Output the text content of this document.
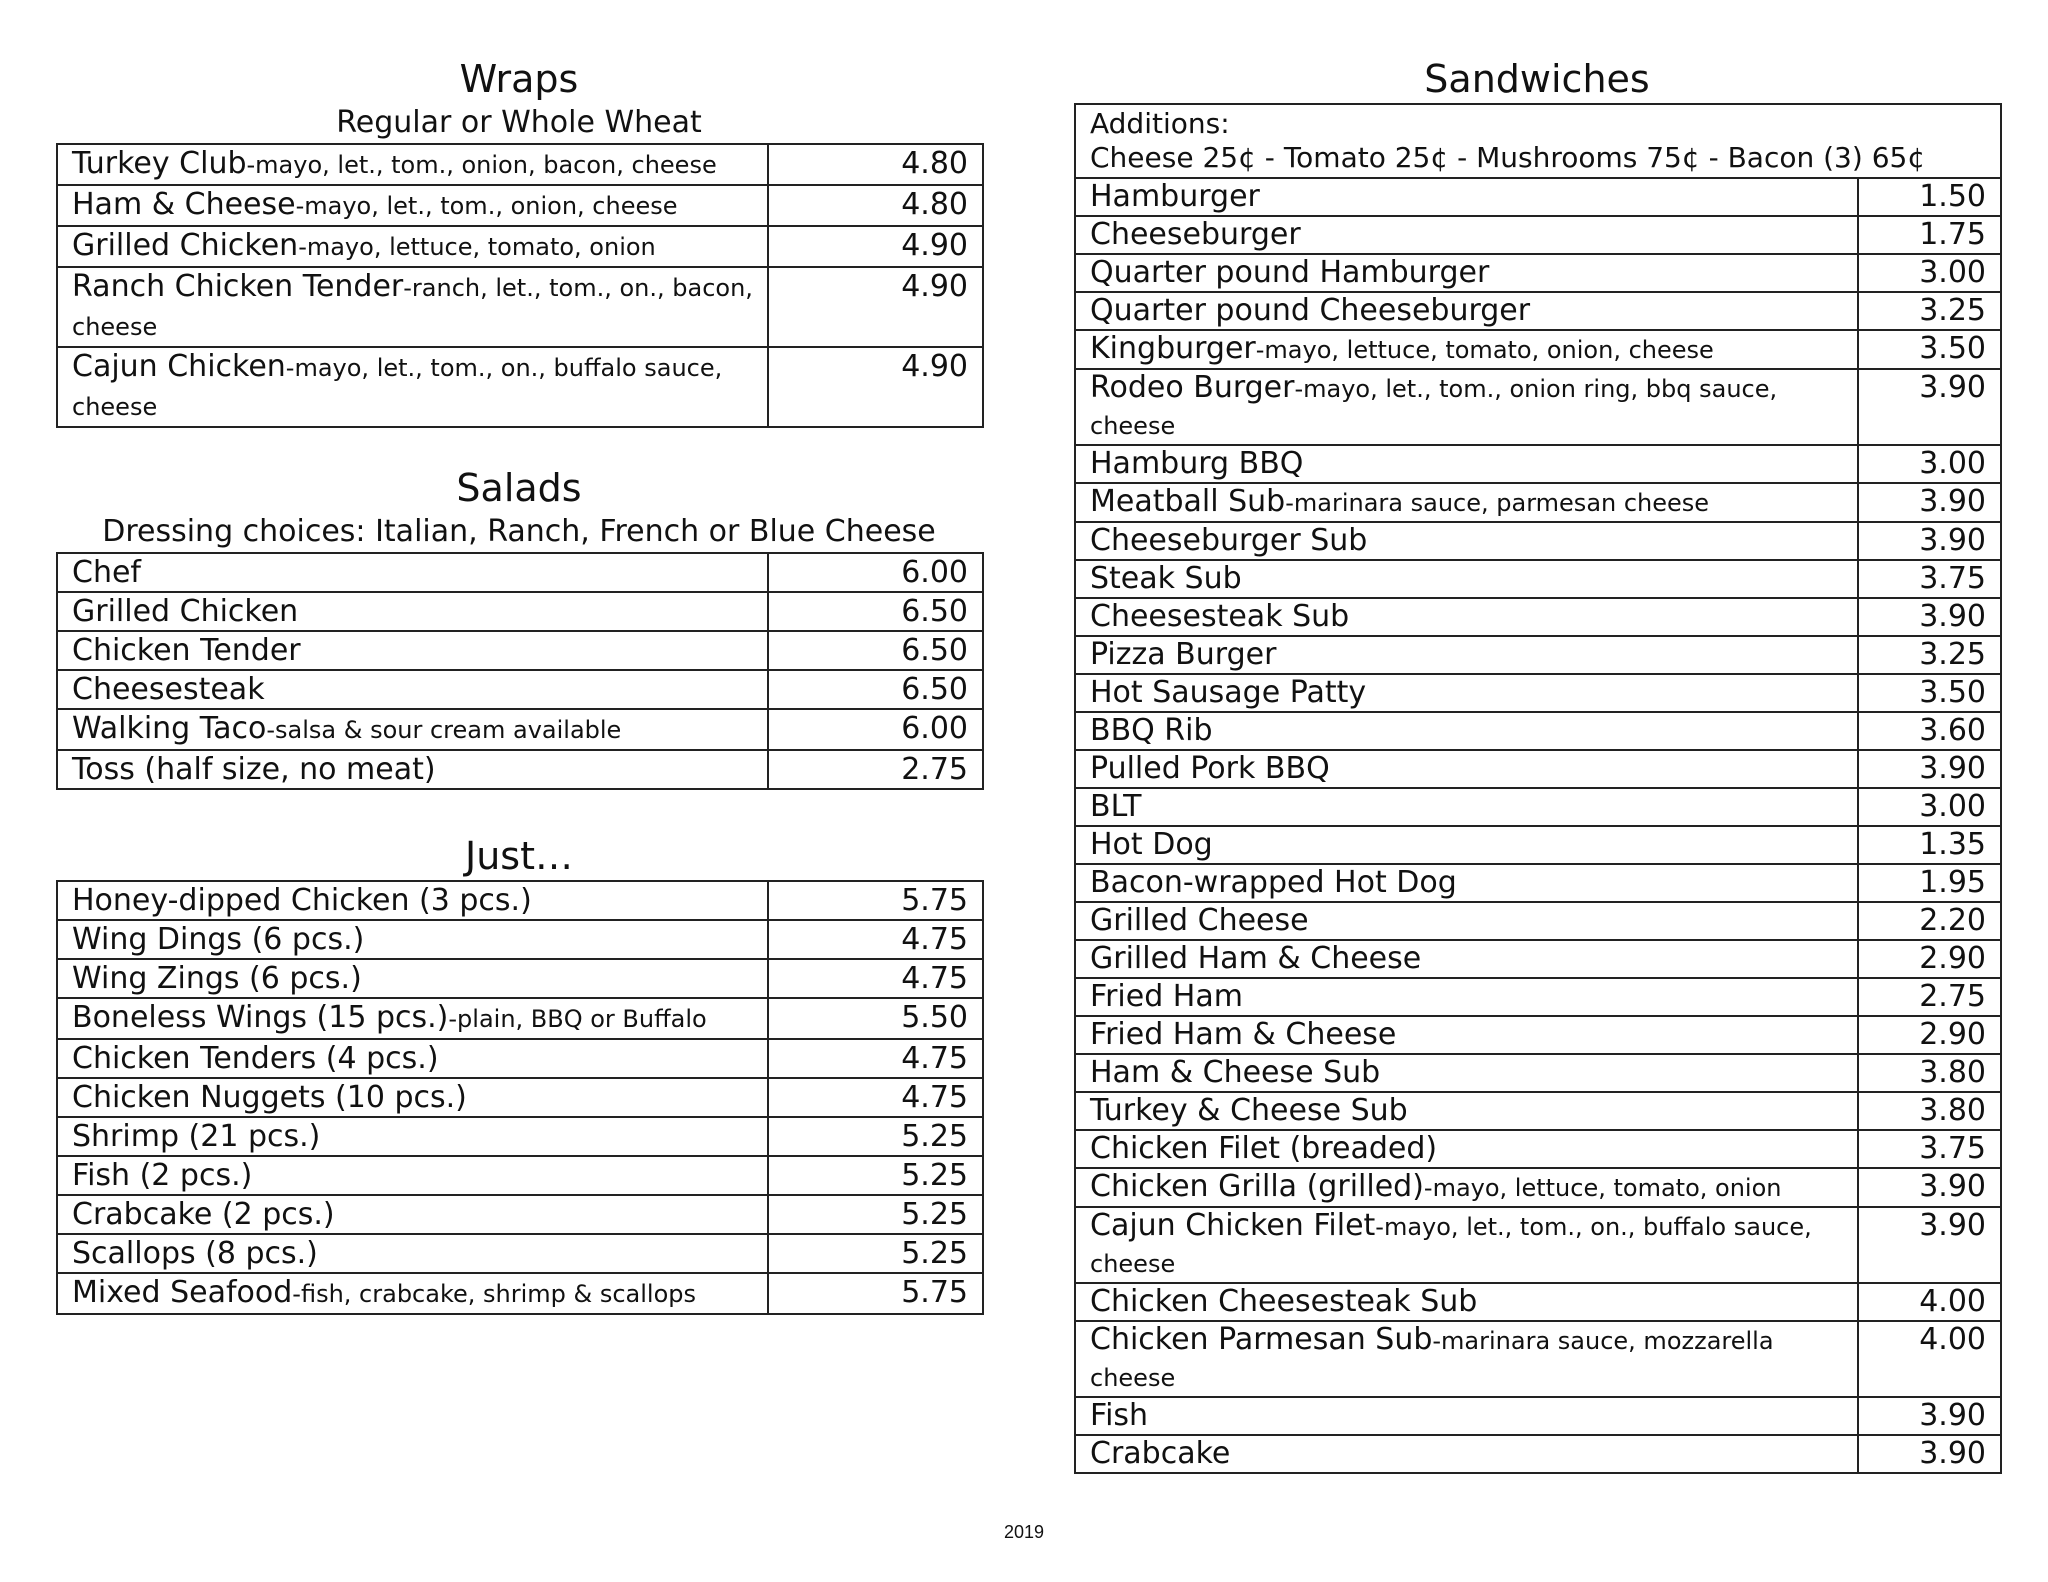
Wraps

Regular or Whole Wheat

Turkey Club-mayo, let., tom., onion, bacon, cheese	4.80
Ham & Cheese-mayo, let., tom., onion, cheese	4.80
Grilled Chicken-mayo, lettuce, tomato, onion	4.90
Ranch Chicken Tender-ranch, let., tom., on., bacon, cheese	4.90
Cajun Chicken-mayo, let., tom., on., buffalo sauce, cheese	4.90
Salads

Dressing choices: Italian, Ranch, French or Blue Cheese

Chef	6.00
Grilled Chicken	6.50
Chicken Tender	6.50
Cheesesteak	6.50
Walking Taco-salsa & sour cream available	6.00
Toss (half size, no meat)	2.75
Just…
Honey-dipped Chicken (3 pcs.)	5.75
Wing Dings (6 pcs.)	4.75
Wing Zings (6 pcs.)	4.75
Boneless Wings (15 pcs.)-plain, BBQ or Buffalo	5.50
Chicken Tenders (4 pcs.)	4.75
Chicken Nuggets (10 pcs.)	4.75
Shrimp (21 pcs.)	5.25
Fish (2 pcs.)	5.25
Crabcake (2 pcs.)	5.25
Scallops (8 pcs.)	5.25
Mixed Seafood-fish, crabcake, shrimp & scallops	5.75
Sandwiches
Additions:
Cheese 25¢ - Tomato 25¢ - Mushrooms 75¢ - Bacon (3) 65¢	

Hamburger	1.50
Cheeseburger	1.75
Quarter pound Hamburger	3.00
Quarter pound Cheeseburger	3.25
Kingburger-mayo, lettuce, tomato, onion, cheese	3.50
Rodeo Burger-mayo, let., tom., onion ring, bbq sauce, cheese	3.90
Hamburg BBQ	3.00
Meatball Sub-marinara sauce, parmesan cheese	3.90
Cheeseburger Sub	3.90
Steak Sub	3.75
Cheesesteak Sub	3.90
Pizza Burger	3.25
Hot Sausage Patty	3.50
BBQ Rib	3.60
Pulled Pork BBQ	3.90
BLT	3.00
Hot Dog	1.35
Bacon-wrapped Hot Dog	1.95
Grilled Cheese	2.20
Grilled Ham & Cheese	2.90
Fried Ham	2.75
Fried Ham & Cheese	2.90
Ham & Cheese Sub	3.80
Turkey & Cheese Sub	3.80
Chicken Filet (breaded)	3.75
Chicken Grilla (grilled)-mayo, lettuce, tomato, onion	3.90
Cajun Chicken Filet-mayo, let., tom., on., buffalo sauce, cheese	3.90
Chicken Cheesesteak Sub	4.00
Chicken Parmesan Sub-marinara sauce, mozzarella cheese	4.00
Fish	3.90
Crabcake	3.90
2019
